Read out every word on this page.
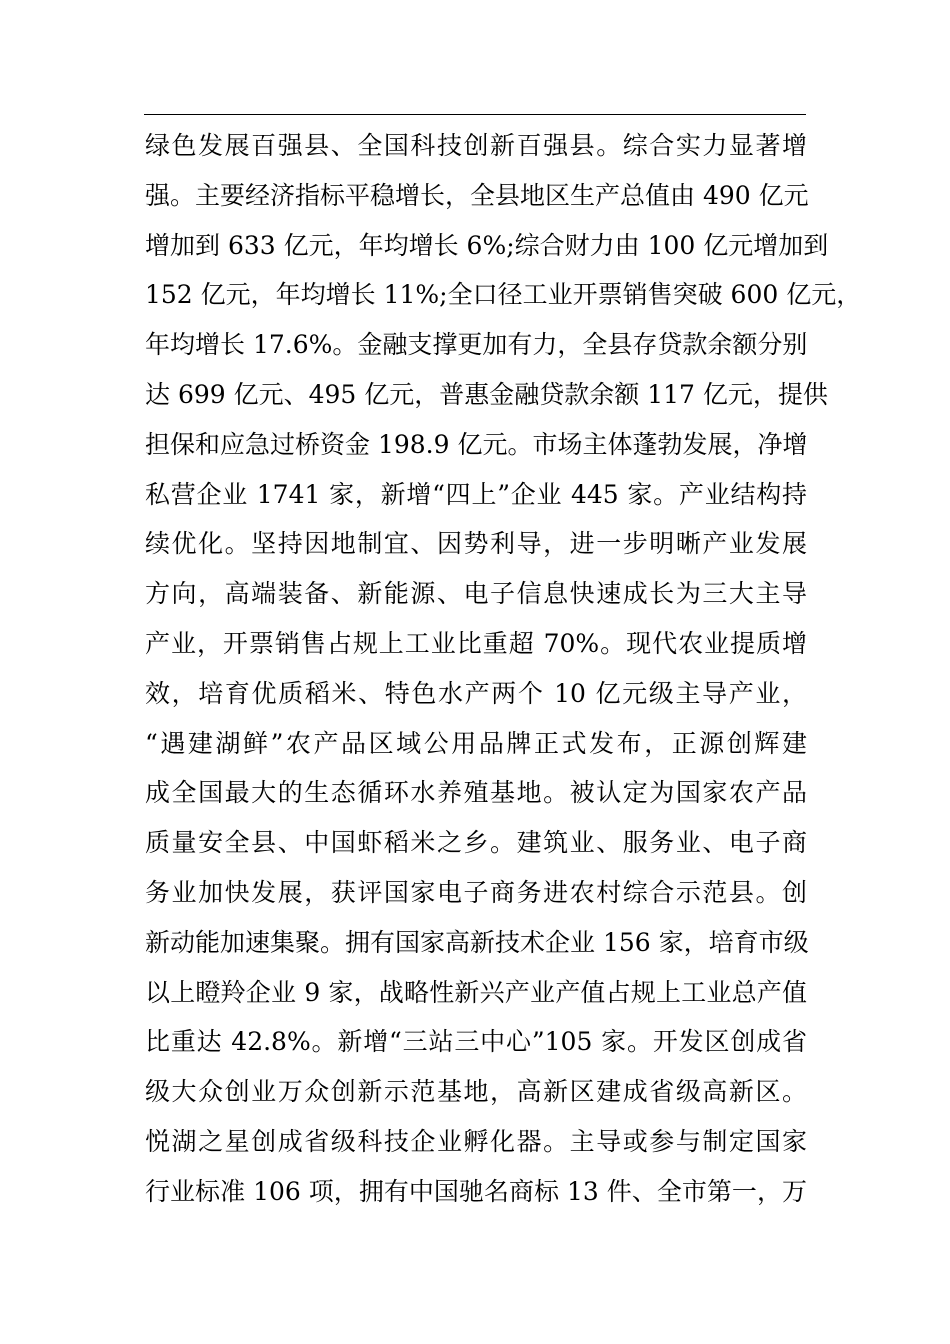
绿色发展百强县、全国科技创新百强县。综合实力显著增
强。主要经济指标平稳增长，全县地区生产总值由 490 亿元
增加到 633 亿元，年均增长 6%;综合财力由 100 亿元增加到
152 亿元，年均增长 11%;全口径工业开票销售突破 600 亿元，
年均增长 17.6%。金融支撑更加有力，全县存贷款余额分别
达 699 亿元、495 亿元，普惠金融贷款余额 117 亿元，提供
担保和应急过桥资金 198.9 亿元。市场主体蓬勃发展，净增
私营企业 1741 家，新增“四上”企业 445 家。产业结构持
续优化。坚持因地制宜、因势利导，进一步明晰产业发展
方向，高端装备、新能源、电子信息快速成长为三大主导
产业，开票销售占规上工业比重超 70%。现代农业提质增
效，培育优质稻米、特色水产两个 10 亿元级主导产业，
“遇建湖鲜”农产品区域公用品牌正式发布，正源创辉建
成全国最大的生态循环水养殖基地。被认定为国家农产品
质量安全县、中国虾稻米之乡。建筑业、服务业、电子商
务业加快发展，获评国家电子商务进农村综合示范县。创
新动能加速集聚。拥有国家高新技术企业 156 家，培育市级
以上瞪羚企业 9 家，战略性新兴产业产值占规上工业总产值
比重达 42.8%。新增“三站三中心”105 家。开发区创成省
级大众创业万众创新示范基地，高新区建成省级高新区。
悦湖之星创成省级科技企业孵化器。主导或参与制定国家
行业标准 106 项，拥有中国驰名商标 13 件、全市第一，万
